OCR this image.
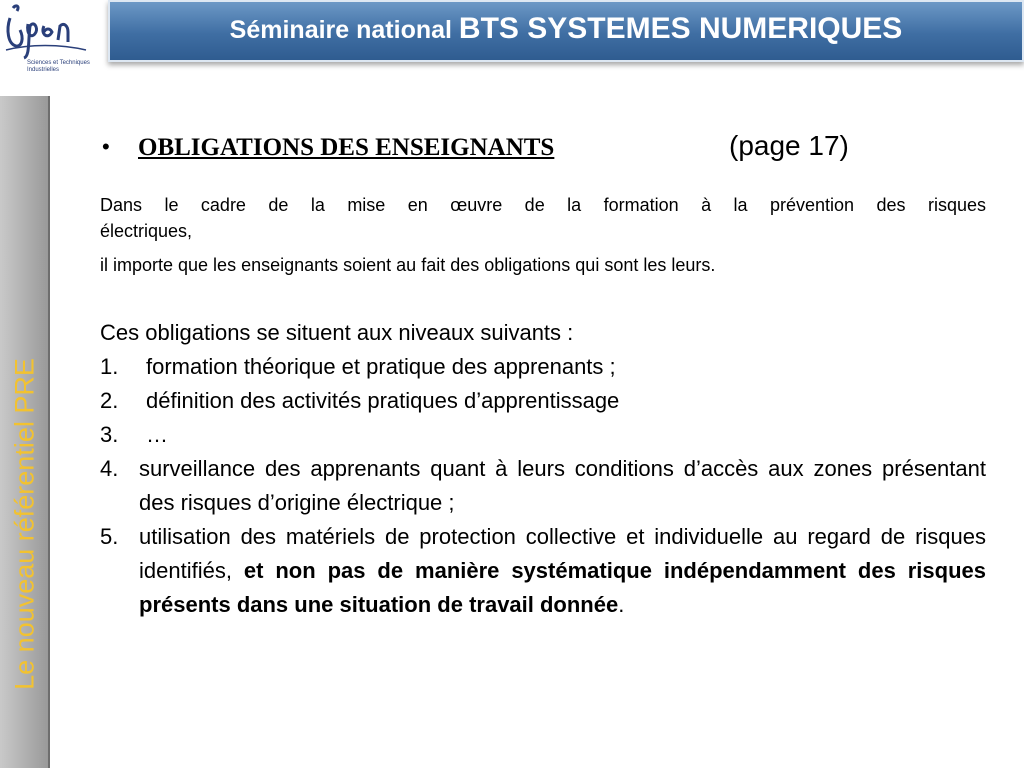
Sciences et Techniques
Industrielles
Séminaire national BTS SYSTEMES NUMERIQUES
Le nouveau référentiel PRE
• OBLIGATIONS DES ENSEIGNANTS	(page 17)
Dans le cadre de la mise en œuvre de la formation à la prévention des risques
électriques,
il importe que les enseignants soient au fait des obligations qui sont les leurs.
Ces obligations se situent aux niveaux suivants :
1.	formation théorique et pratique des apprenants ;
2.	définition des activités pratiques d’apprentissage
3.	…
4. surveillance des apprenants quant à leurs conditions d’accès aux zones présentant des risques d’origine électrique ;
5. utilisation des matériels de protection collective et individuelle au regard de risques identifiés, et non pas de manière systématique indépendamment des risques présents dans une situation de travail donnée.
